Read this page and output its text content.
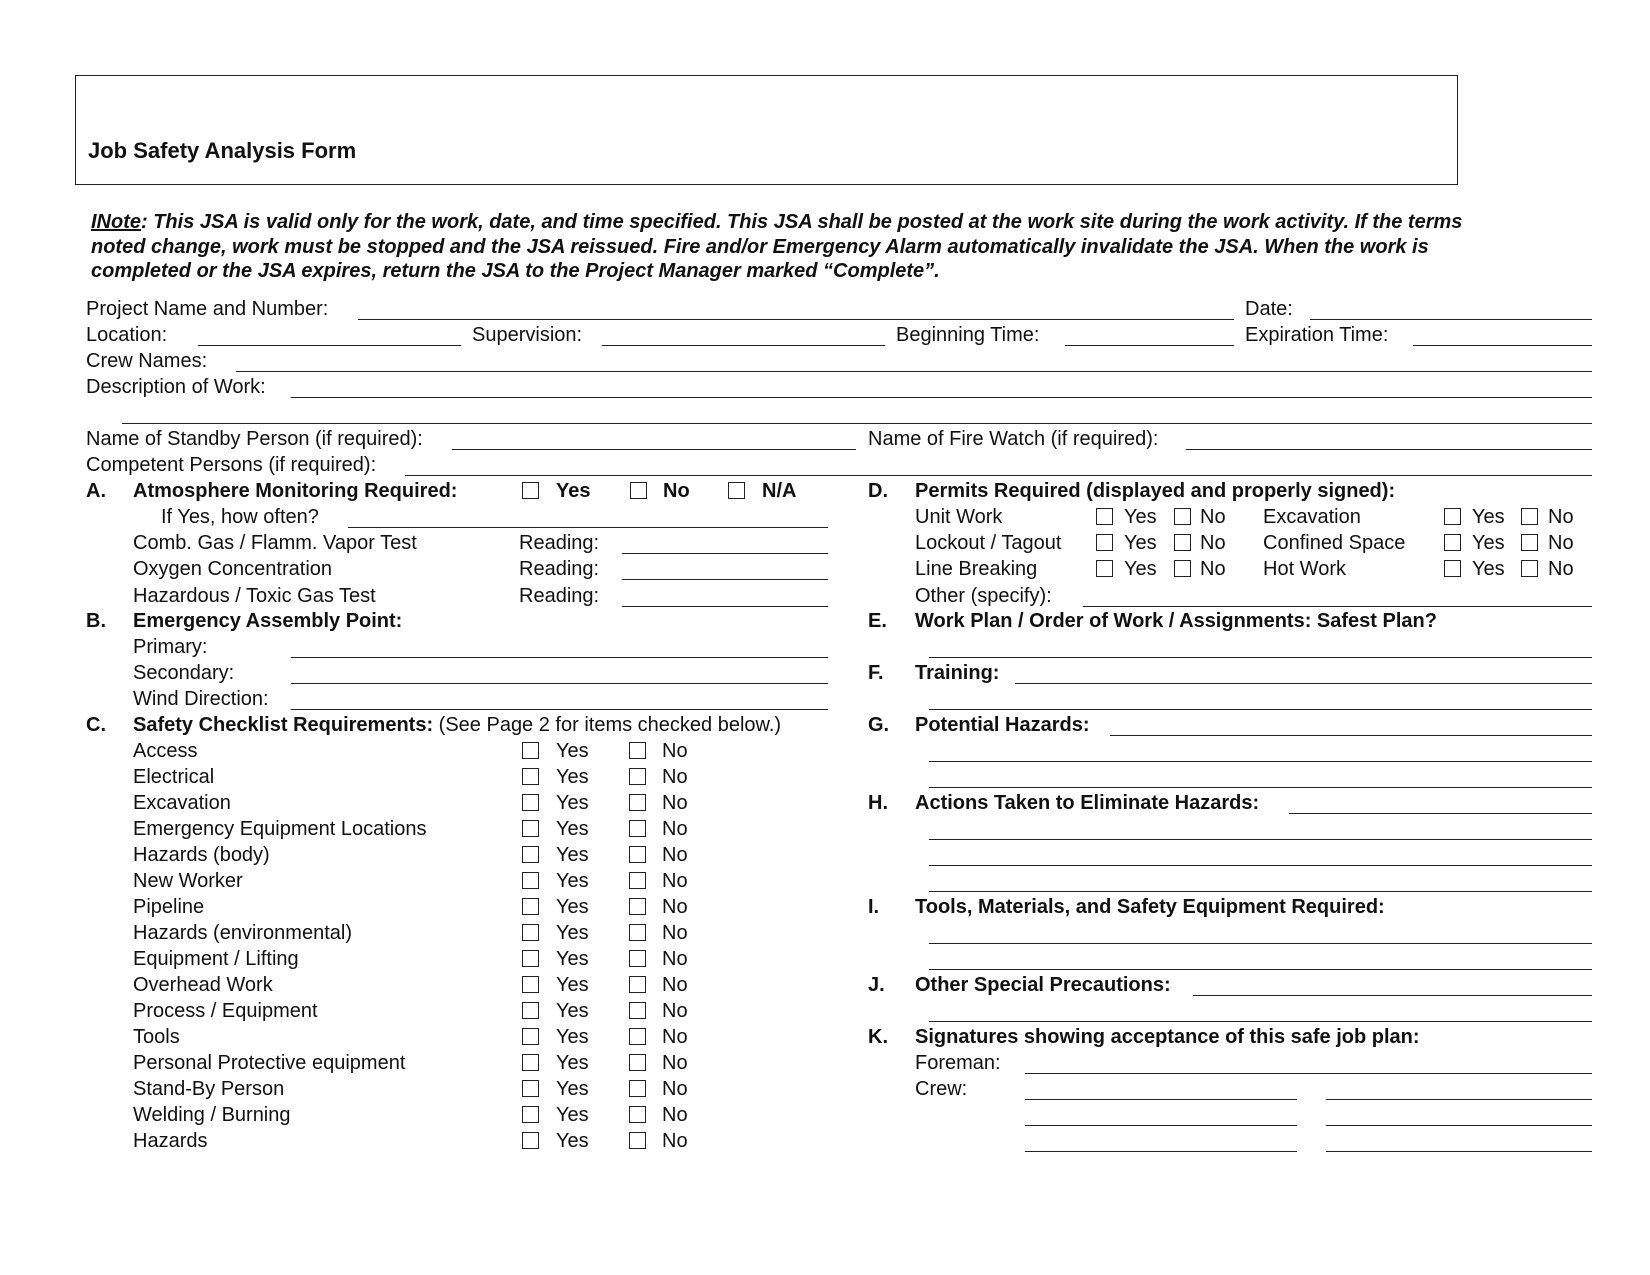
Job Safety Analysis Form
INote: This JSA is valid only for the work, date, and time specified. This JSA shall be posted at the work site during the work activity. If the terms
noted change, work must be stopped and the JSA reissued. Fire and/or Emergency Alarm automatically invalidate the JSA. When the work is
completed or the JSA expires, return the JSA to the Project Manager marked “Complete”.
Project Name and Number:	Date:
Location:	Supervision:	Beginning Time:	Expiration Time:
Crew Names:
Description of Work:
Name of Standby Person (if required):	Name of Fire Watch (if required):
Competent Persons (if required):
A. Atmosphere Monitoring Required:	Yes	No	N/A
If Yes, how often?
Comb. Gas / Flamm. Vapor Test	Reading:
Oxygen Concentration	Reading:
Hazardous / Toxic Gas Test	Reading:
B. Emergency Assembly Point:
Primary:
Secondary:
Wind Direction:
C. Safety Checklist Requirements: (See Page 2 for items checked below.)
Access	Yes	No
Electrical	Yes	No
Excavation	Yes	No
Emergency Equipment Locations	Yes	No
Hazards (body)	Yes	No
New Worker	Yes	No
Pipeline	Yes	No
Hazards (environmental)	Yes	No
Equipment / Lifting	Yes	No
Overhead Work	Yes	No
Process / Equipment	Yes	No
Tools	Yes	No
Personal Protective equipment	Yes	No
Stand-By Person	Yes	No
Welding / Burning	Yes	No
Hazards	Yes	No
D. Permits Required (displayed and properly signed):
Unit Work	Yes No Excavation	Yes No
Lockout / Tagout	Yes No Confined Space	Yes No
Line Breaking	Yes No Hot Work	Yes No
Other (specify):
E. Work Plan / Order of Work / Assignments: Safest Plan?
F. Training:
G. Potential Hazards:
H. Actions Taken to Eliminate Hazards:
I. Tools, Materials, and Safety Equipment Required:
J. Other Special Precautions:
K. Signatures showing acceptance of this safe job plan:
Foreman:
Crew:
